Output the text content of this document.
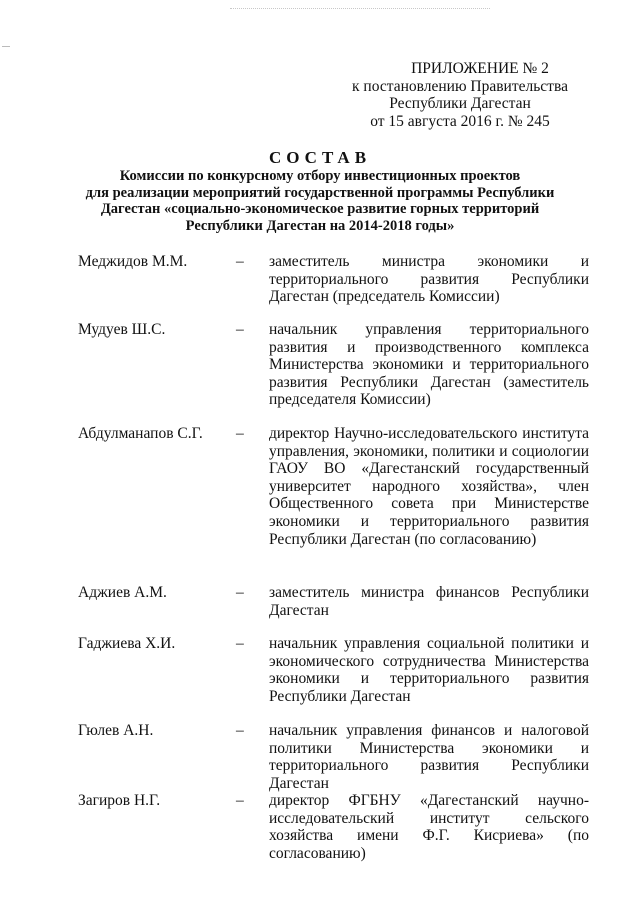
ПРИЛОЖЕНИЕ № 2
к постановлению Правительства
Республики Дагестан
от 15 августа 2016 г. № 245
СОСТАВ
Комиссии по конкурсному отбору инвестиционных проектов
для реализации мероприятий государственной программы Республики
Дагестан «социально-экономическое развитие горных территорий
Республики Дагестан на 2014-2018 годы»
Меджидов М.М.	– заместитель министра экономики и территориального развития Республики Дагестан (председатель Комиссии)
Мудуев Ш.С.	– начальник управления территориального развития и производственного комплекса Министерства экономики и территориального развития Республики Дагестан (заместитель председателя Комиссии)
Абдулманапов С.Г. – директор Научно-исследовательского института управления, экономики, политики и социологии ГАОУ ВО «Дагестанский государственный университет народного хозяйства», член Общественного совета при Министерстве экономики и территориального развития Республики Дагестан (по согласованию)
Аджиев А.М.	– заместитель министра финансов Республики Дагестан
Гаджиева Х.И.	– начальник управления социальной политики и экономического сотрудничества Министерства экономики и территориального развития Республики Дагестан
Гюлев А.Н.	– начальник управления финансов и налоговой политики Министерства экономики и территориального развития Республики Дагестан
Загиров Н.Г.	– директор ФГБНУ «Дагестанский научно-исследовательский институт сельского хозяйства имени Ф.Г. Кисриева» (по согласованию)
